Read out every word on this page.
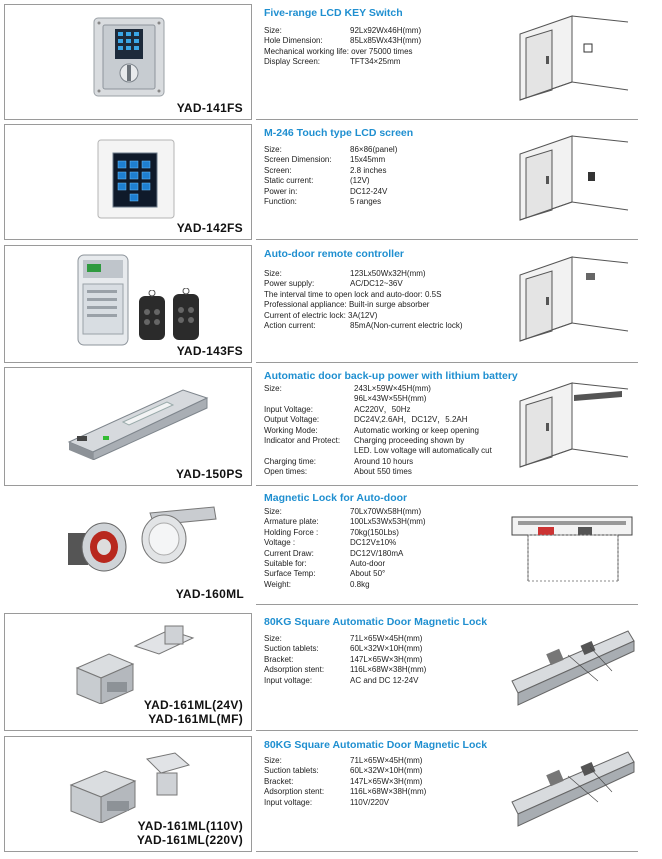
YAD-141FS
Five-range LCD KEY Switch
Size:	92Lx92Wx46H(mm)
Hole Dimension:	85Lx85Wx43H(mm)
Mechanical working life: over 75000 times
Display Screen:	TFT34×25mm
YAD-142FS
M-246 Touch type LCD screen
Size:	86×86(panel)
Screen Dimension: 15x45mm
Screen:	2.8 inches
Static current:	(12V)
Power in:	DC12-24V
Function:	5 ranges
YAD-143FS
Auto-door remote controller
Size:	123Lx50Wx32H(mm)
Power supply:	AC/DC12~36V
The interval time to open lock and auto-door: 0.5S
Professional appliance: Built-in surge absorber
Current of electric lock: 3A(12V)
Action current:	85mA(Non-current electric lock)
YAD-150PS
Automatic door back-up power with lithium battery
Size:	243L×59W×45H(mm)
96L×43W×55H(mm)
Input Voltage:	AC220V，50Hz
Output Voltage:	DC24V,2.6AH，DC12V，5.2AH
Working Mode:	Automatic working or keep opening
Indicator and Protect: Charging proceeding shown by
LED. Low voltage will automatically cut
Charging time:	Around 10 hours
Open times:	About 550 times
YAD-160ML
Magnetic Lock for Auto-door
Size:	70Lx70Wx58H(mm)
Armature plate:	100Lx53Wx53H(mm)
Holding Force :	70kg(150Lbs)
Voltage :	DC12V±10%
Current Draw:	DC12V/180mA
Suitable for:	Auto-door
Surface Temp:	About 50°
Weight:	0.8kg
YAD-161ML(24V)
YAD-161ML(MF)
80KG Square Automatic Door Magnetic Lock
Size:	71L×65W×45H(mm)
Suction tablets:	60L×32W×10H(mm)
Bracket:	147L×65W×3H(mm)
Adsorption stent:	116L×68W×38H(mm)
Input voltage:	AC and DC 12-24V
YAD-161ML(110V)
YAD-161ML(220V)
80KG Square Automatic Door Magnetic Lock
Size:	71L×65W×45H(mm)
Suction tablets:	60L×32W×10H(mm)
Bracket:	147L×65W×3H(mm)
Adsorption stent:	116L×68W×38H(mm)
Input voltage:	110V/220V
